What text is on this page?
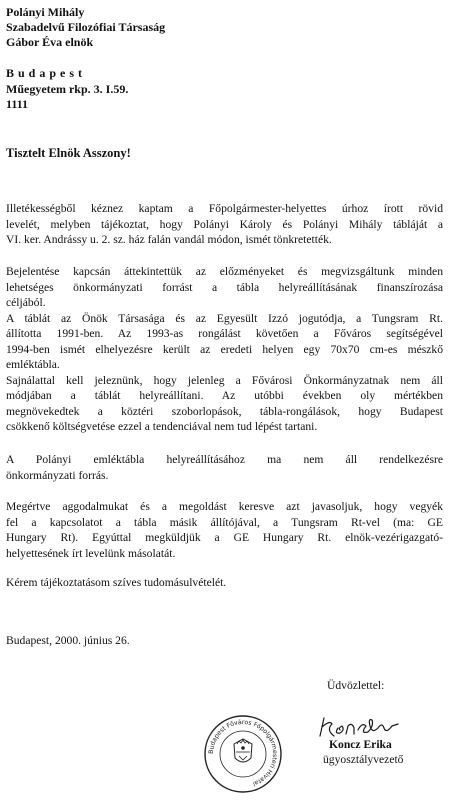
Polányi Mihály
Szabadelvű Filozófiai Társaság
Gábor Éva elnök
Budapest
Műegyetem rkp. 3. I.59.
1111
Tisztelt Elnök Asszony!
Illetékességből kéznez kaptam a Főpolgármester-helyettes úrhoz írott rövid
levelét, melyben tájékoztat, hogy Polányi Károly és Polányi Mihály tábláját a
VI. ker. Andrássy u. 2. sz. ház falán vandál módon, ismét tönkretették.
Bejelentése kapcsán áttekintettük az előzményeket és megvizsgáltunk minden
lehetséges önkormányzati forrást a tábla helyreállításának finanszírozása
céljából.
A táblát az Önök Társasága és az Egyesült Izzó jogutódja, a Tungsram Rt.
állította 1991-ben. Az 1993-as rongálást követően a Főváros segítségével
1994-ben ismét elhelyezésre került az eredeti helyen egy 70x70 cm-es mészkő
emléktábla.
Sajnálattal kell jeleznünk, hogy jelenleg a Fővárosi Önkormányzatnak nem áll
módjában a táblát helyreállítani. Az utóbbi években oly mértékben
megnövekedtek a köztéri szoborlopások, tábla-rongálások, hogy Budapest
csökkenő költségvetése ezzel a tendenciával nem tud lépést tartani.
A Polányi emléktábla helyreállításához ma nem áll rendelkezésre
önkormányzati forrás.
Megértve aggodalmukat és a megoldást keresve azt javasoljuk, hogy vegyék
fel a kapcsolatot a tábla másik állítójával, a Tungsram Rt-vel (ma: GE
Hungary Rt). Egyúttal megküldjük a GE Hungary Rt. elnök-vezérigazgató-
helyettesének írt levelünk másolatát.
Kérem tájékoztatásom szíves tudomásulvételét.
Budapest, 2000. június 26.
Üdvözlettel:
Budapest Főváros Főpolgármesteri Hivatal
Koncz Erika
ügyosztályvezető
